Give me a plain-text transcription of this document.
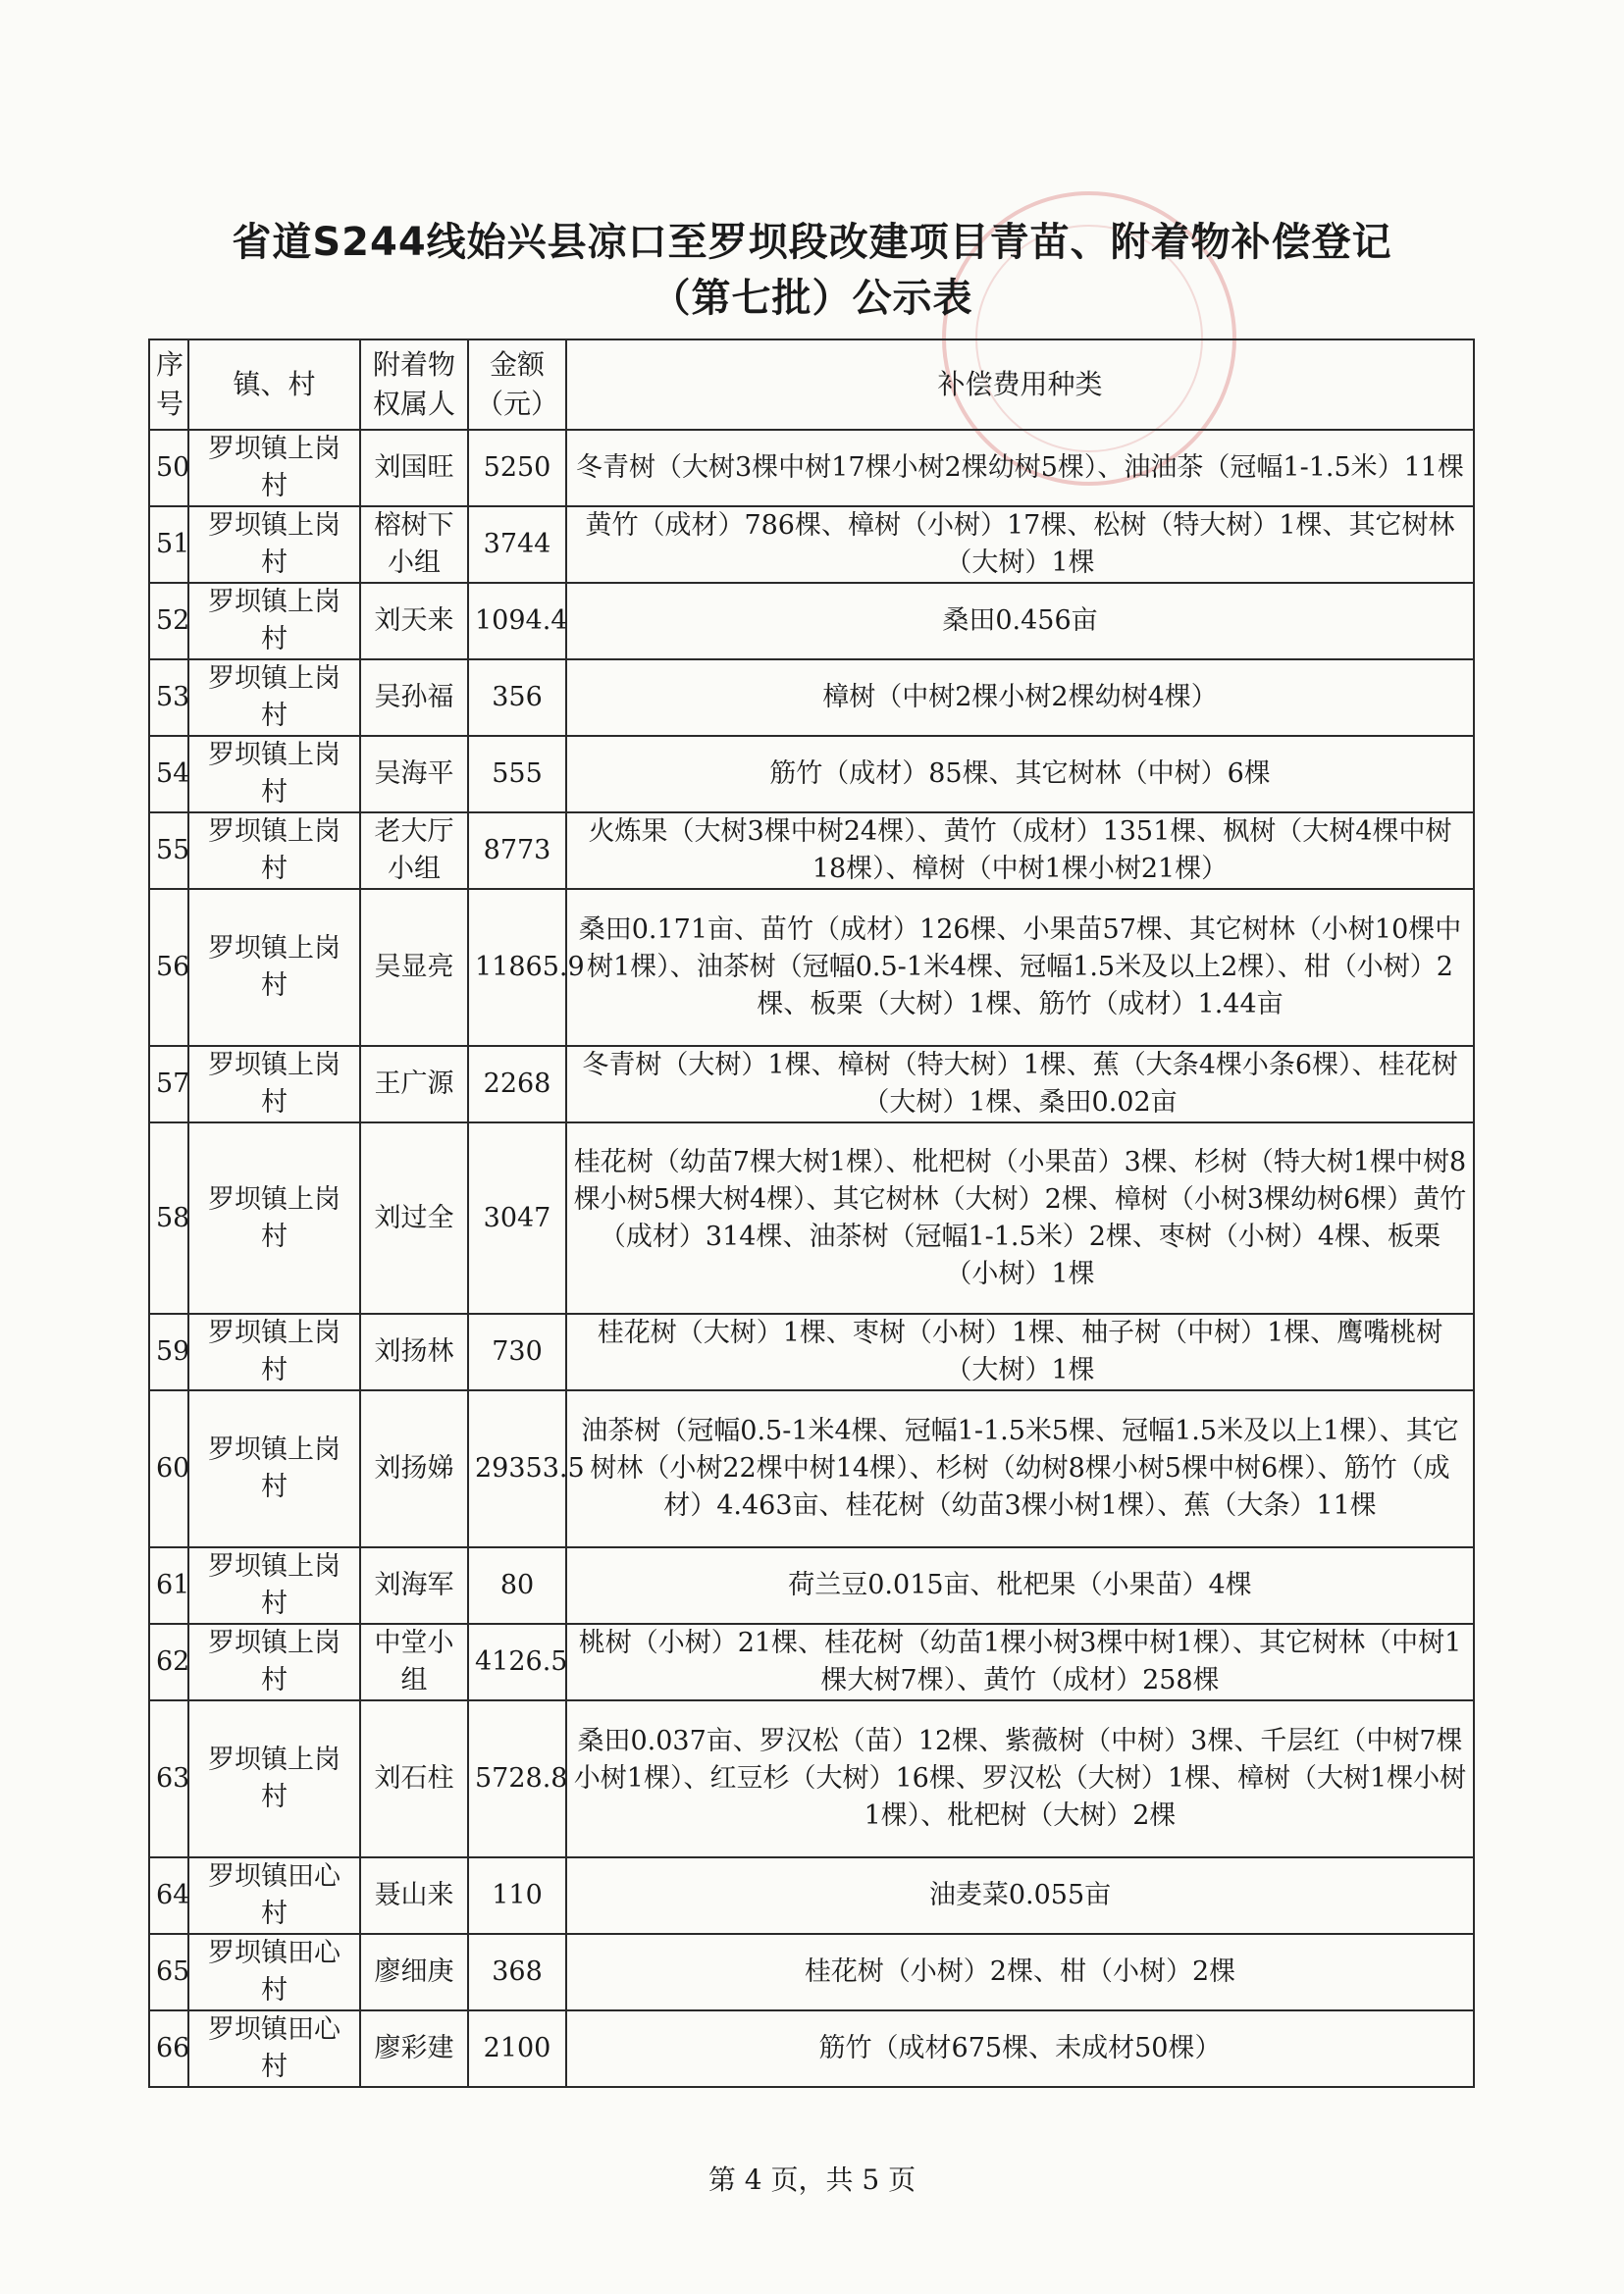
省道S244线始兴县凉口至罗坝段改建项目青苗、附着物补偿登记
（第七批）公示表
序号	镇、村	附着物权属人	金额（元）	补偿费用种类
50	罗坝镇上岗村	刘国旺	5250	冬青树（大树3棵中树17棵小树2棵幼树5棵）、油油茶（冠幅1-1.5米）11棵
51	罗坝镇上岗村	榕树下小组	3744	黄竹（成材）786棵、樟树（小树）17棵、松树（特大树）1棵、其它树林（大树）1棵
52	罗坝镇上岗村	刘天来	1094.4	桑田0.456亩
53	罗坝镇上岗村	吴孙福	356	樟树（中树2棵小树2棵幼树4棵）
54	罗坝镇上岗村	吴海平	555	筋竹（成材）85棵、其它树林（中树）6棵
55	罗坝镇上岗村	老大厅小组	8773	火炼果（大树3棵中树24棵）、黄竹（成材）1351棵、枫树（大树4棵中树18棵）、樟树（中树1棵小树21棵）
56	罗坝镇上岗村	吴显亮	11865.9	桑田0.171亩、苗竹（成材）126棵、小果苗57棵、其它树林（小树10棵中树1棵）、油茶树（冠幅0.5-1米4棵、冠幅1.5米及以上2棵）、柑（小树）2棵、板栗（大树）1棵、筋竹（成材）1.44亩
57	罗坝镇上岗村	王广源	2268	冬青树（大树）1棵、樟树（特大树）1棵、蕉（大条4棵小条6棵）、桂花树（大树）1棵、桑田0.02亩
58	罗坝镇上岗村	刘过全	3047	桂花树（幼苗7棵大树1棵）、枇杷树（小果苗）3棵、杉树（特大树1棵中树8棵小树5棵大树4棵）、其它树林（大树）2棵、樟树（小树3棵幼树6棵）黄竹（成材）314棵、油茶树（冠幅1-1.5米）2棵、枣树（小树）4棵、板栗（小树）1棵
59	罗坝镇上岗村	刘扬林	730	桂花树（大树）1棵、枣树（小树）1棵、柚子树（中树）1棵、鹰嘴桃树（大树）1棵
60	罗坝镇上岗村	刘扬娣	29353.5	油茶树（冠幅0.5-1米4棵、冠幅1-1.5米5棵、冠幅1.5米及以上1棵）、其它树林（小树22棵中树14棵）、杉树（幼树8棵小树5棵中树6棵）、筋竹（成材）4.463亩、桂花树（幼苗3棵小树1棵）、蕉（大条）11棵
61	罗坝镇上岗村	刘海军	80	荷兰豆0.015亩、枇杷果（小果苗）4棵
62	罗坝镇上岗村	中堂小组	4126.5	桃树（小树）21棵、桂花树（幼苗1棵小树3棵中树1棵）、其它树林（中树1棵大树7棵）、黄竹（成材）258棵
63	罗坝镇上岗村	刘石柱	5728.8	桑田0.037亩、罗汉松（苗）12棵、紫薇树（中树）3棵、千层红（中树7棵小树1棵）、红豆杉（大树）16棵、罗汉松（大树）1棵、樟树（大树1棵小树1棵）、枇杷树（大树）2棵
64	罗坝镇田心村	聂山来	110	油麦菜0.055亩
65	罗坝镇田心村	廖细庚	368	桂花树（小树）2棵、柑（小树）2棵
66	罗坝镇田心村	廖彩建	2100	筋竹（成材675棵、未成材50棵）
第 4 页，共 5 页
